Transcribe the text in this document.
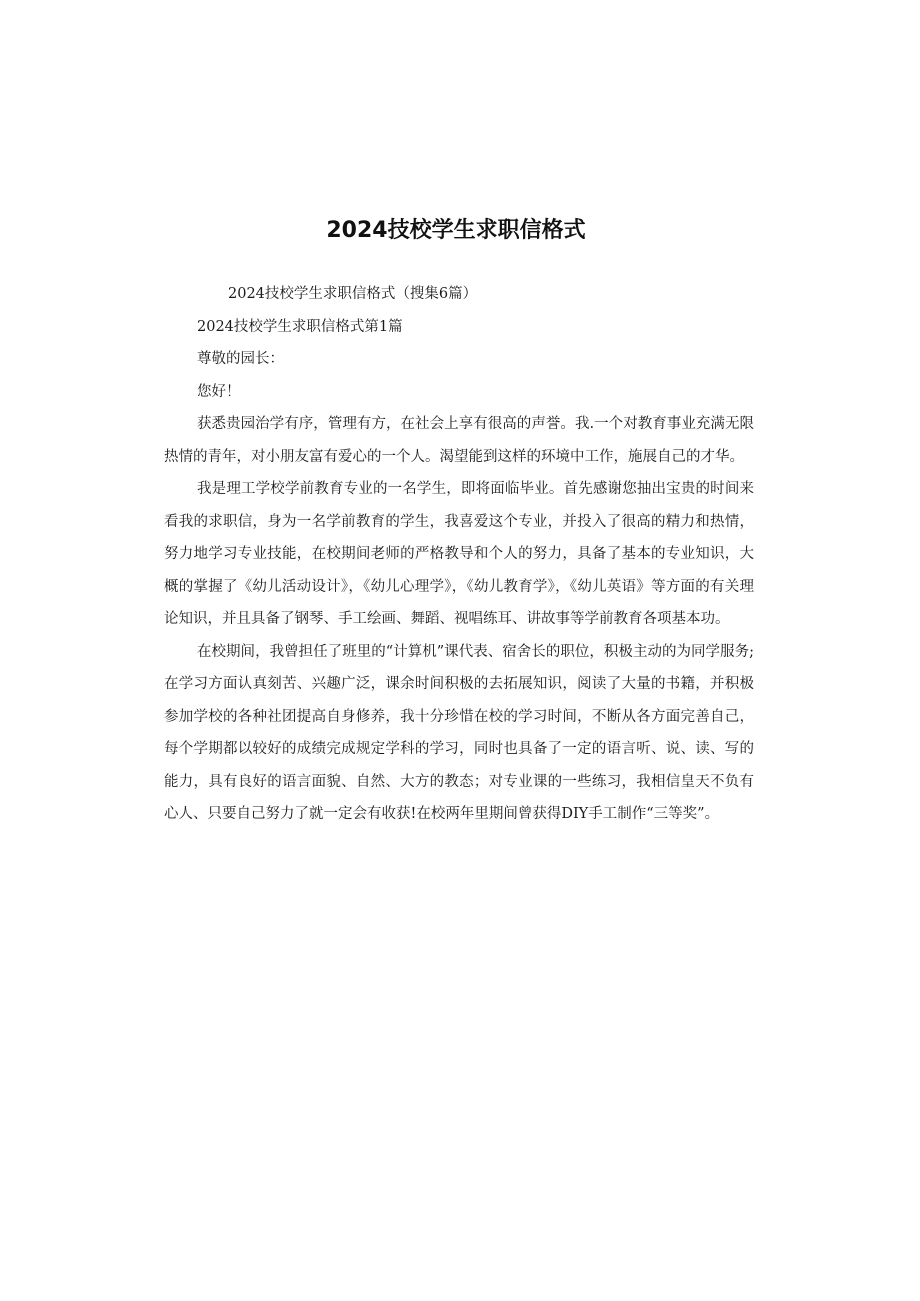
2024技校学生求职信格式

2024技校学生求职信格式（搜集6篇）

2024技校学生求职信格式第1篇

尊敬的园长：

您好！

获悉贵园治学有序，管理有方，在社会上享有很高的声誉。我.一个对教育事业充满无限热情的青年，对小朋友富有爱心的一个人。渴望能到这样的环境中工作，施展自己的才华。

我是理工学校学前教育专业的一名学生，即将面临毕业。首先感谢您抽出宝贵的时间来看我的求职信，身为一名学前教育的学生，我喜爱这个专业，并投入了很高的精力和热情，努力地学习专业技能，在校期间老师的严格教导和个人的努力，具备了基本的专业知识，大概的掌握了《幼儿活动设计》，《幼儿心理学》，《幼儿教育学》，《幼儿英语》等方面的有关理论知识，并且具备了钢琴、手工绘画、舞蹈、视唱练耳、讲故事等学前教育各项基本功。

在校期间，我曾担任了班里的“计算机”课代表、宿舍长的职位，积极主动的为同学服务;在学习方面认真刻苦、兴趣广泛，课余时间积极的去拓展知识，阅读了大量的书籍，并积极参加学校的各种社团提高自身修养，我十分珍惜在校的学习时间，不断从各方面完善自己，每个学期都以较好的成绩完成规定学科的学习，同时也具备了一定的语言听、说、读、写的能力，具有良好的语言面貌、自然、大方的教态；对专业课的一些练习，我相信皇天不负有心人、只要自己努力了就一定会有收获!在校两年里期间曾获得DIY手工制作“三等奖”。
